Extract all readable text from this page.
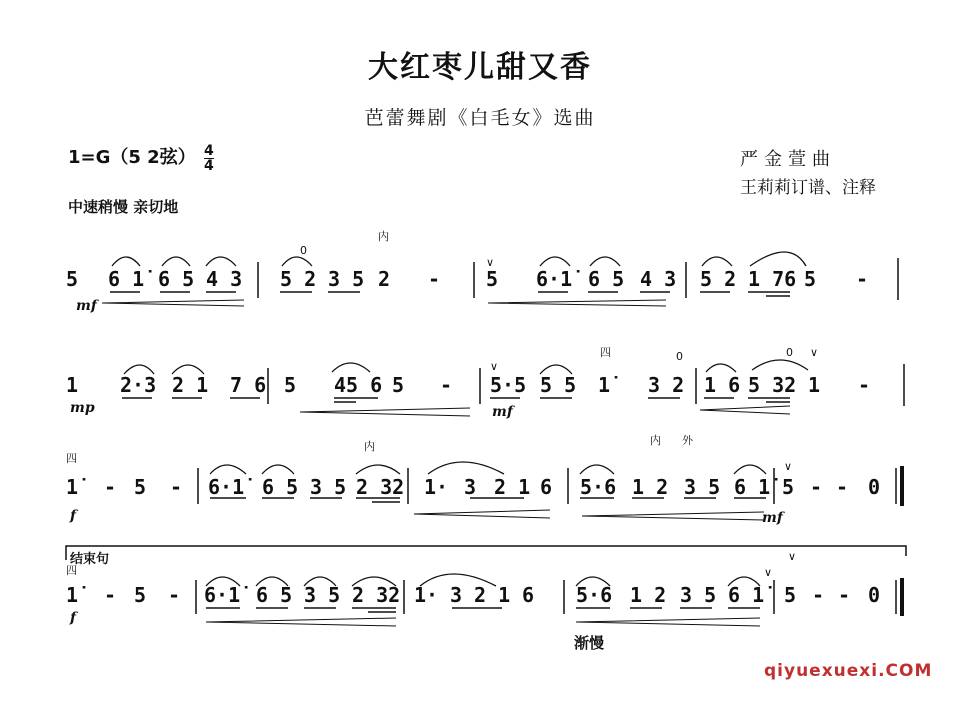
大红枣儿甜又香
芭蕾舞剧《白毛女》选曲
1=G（5 2弦） $\frac{4}{4}$	严金萱曲
王莉莉订谱、注释
中速稍慢 亲切地
5 6 1̇ 6 5 4 3 5 2 3 5 2 - 5 6·1̇ 6 5 4 3 5 2 1 76 5 -
1 2·3 2 1 7 6 5 45 6 5 - 5·5 5 5 1̇	3 2 1 6 5 32 1 -
1̇	- 5 - 6·1̇ 6 5 3 5 2 32 1· 3 2 1 6 5·6 1 2 3 5 6 1̇ 5 - - 0
1̇	- 5 - 6·1̇ 6 5 3 5 2 32 1· 3 2 1 6 5·6 1 2 3 5 6 1̇ 5 - - 0
内
0
∨
∨
四	0	0 ∨
四
内	内 外
∨
四	∨
∨
mf
mp	mf
f	mf
f
结束句
渐慢
qiyuexuexi.COM
